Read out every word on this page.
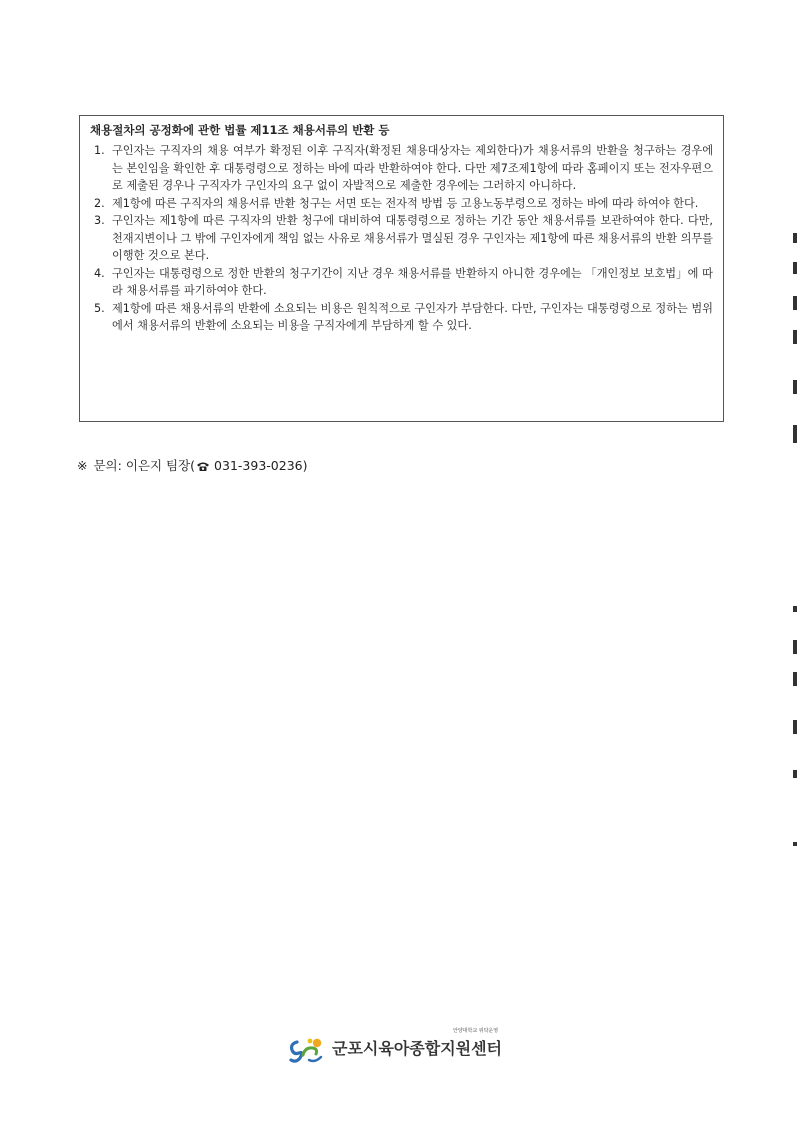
채용절차의 공정화에 관한 법률 제11조 채용서류의 반환 등
1. 구인자는 구직자의 채용 여부가 확정된 이후 구직자(확정된 채용대상자는 제외한다)가 채용서류의 반환을 청구하는 경우에는 본인임을 확인한 후 대통령령으로 정하는 바에 따라 반환하여야 한다. 다만 제7조제1항에 따라 홈페이지 또는 전자우편으로 제출된 경우나 구직자가 구인자의 요구 없이 자발적으로 제출한 경우에는 그러하지 아니하다.
2. 제1항에 따른 구직자의 채용서류 반환 청구는 서면 또는 전자적 방법 등 고용노동부령으로 정하는 바에 따라 하여야 한다.
3. 구인자는 제1항에 따른 구직자의 반환 청구에 대비하여 대통령령으로 정하는 기간 동안 채용서류를 보관하여야 한다. 다만, 천재지변이나 그 밖에 구인자에게 책임 없는 사유로 채용서류가 멸실된 경우 구인자는 제1항에 따른 채용서류의 반환 의무를 이행한 것으로 본다.
4. 구인자는 대통령령으로 정한 반환의 청구기간이 지난 경우 채용서류를 반환하지 아니한 경우에는 「개인정보 보호법」에 따라 채용서류를 파기하여야 한다.
5. 제1항에 따른 채용서류의 반환에 소요되는 비용은 원칙적으로 구인자가 부담한다. 다만, 구인자는 대통령령으로 정하는 범위에서 채용서류의 반환에 소요되는 비용을 구직자에게 부담하게 할 수 있다.
※ 문의: 이은지 팀장( 031-393-0236)
안양대학교 위탁운영
군포시육아종합지원센터
